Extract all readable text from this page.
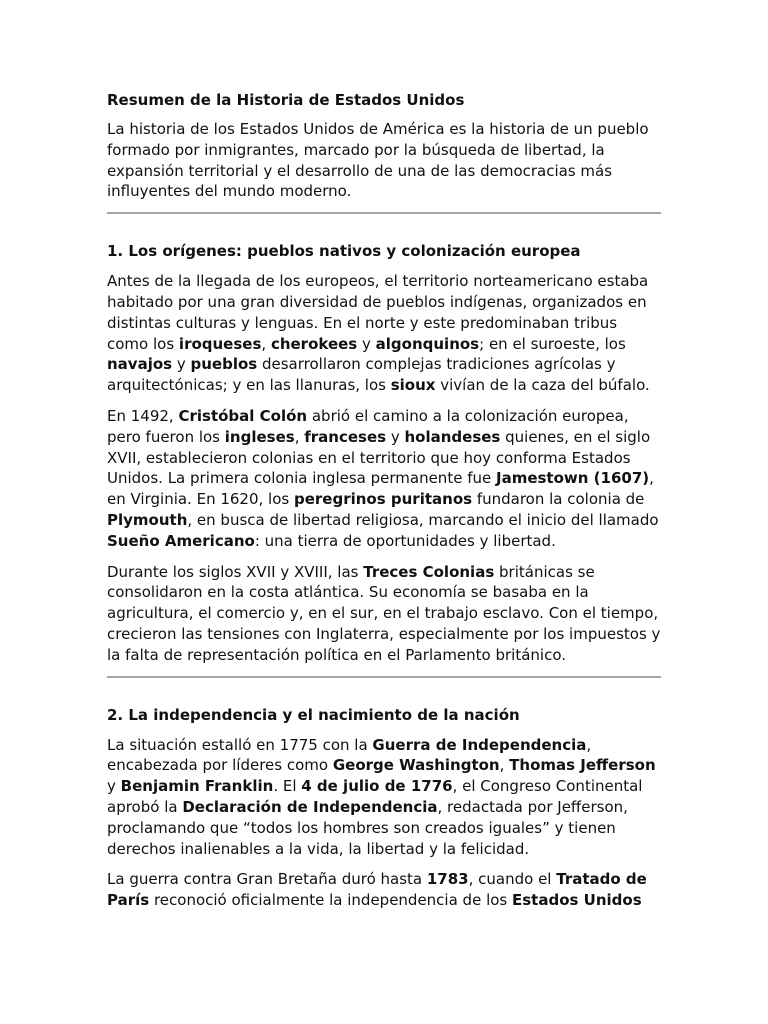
Resumen de la Historia de Estados Unidos

La historia de los Estados Unidos de América es la historia de un pueblo formado por inmigrantes, marcado por la búsqueda de libertad, la expansión territorial y el desarrollo de una de las democracias más influyentes del mundo moderno.

1. Los orígenes: pueblos nativos y colonización europea

Antes de la llegada de los europeos, el territorio norteamericano estaba habitado por una gran diversidad de pueblos indígenas, organizados en distintas culturas y lenguas. En el norte y este predominaban tribus como los iroqueses, cherokees y algonquinos; en el suroeste, los navajos y pueblos desarrollaron complejas tradiciones agrícolas y arquitectónicas; y en las llanuras, los sioux vivían de la caza del búfalo.

En 1492, Cristóbal Colón abrió el camino a la colonización europea, pero fueron los ingleses, franceses y holandeses quienes, en el siglo XVII, establecieron colonias en el territorio que hoy conforma Estados Unidos. La primera colonia inglesa permanente fue Jamestown (1607), en Virginia. En 1620, los peregrinos puritanos fundaron la colonia de Plymouth, en busca de libertad religiosa, marcando el inicio del llamado Sueño Americano: una tierra de oportunidades y libertad.

Durante los siglos XVII y XVIII, las Treces Colonias británicas se consolidaron en la costa atlántica. Su economía se basaba en la agricultura, el comercio y, en el sur, en el trabajo esclavo. Con el tiempo, crecieron las tensiones con Inglaterra, especialmente por los impuestos y la falta de representación política en el Parlamento británico.

2. La independencia y el nacimiento de la nación

La situación estalló en 1775 con la Guerra de Independencia, encabezada por líderes como George Washington, Thomas Jefferson y Benjamin Franklin. El 4 de julio de 1776, el Congreso Continental aprobó la Declaración de Independencia, redactada por Jefferson, proclamando que “todos los hombres son creados iguales” y tienen derechos inalienables a la vida, la libertad y la felicidad.

La guerra contra Gran Bretaña duró hasta 1783, cuando el Tratado de París reconoció oficialmente la independencia de los Estados Unidos
